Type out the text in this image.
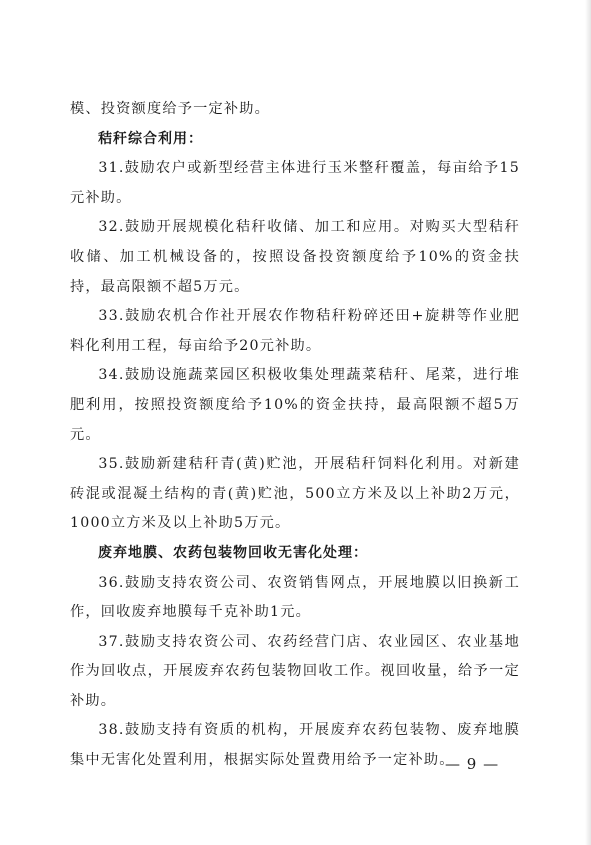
模、投资额度给予一定补助。

秸秆综合利用：

31.鼓励农户或新型经营主体进行玉米整秆覆盖，每亩给予15元补助。

32.鼓励开展规模化秸秆收储、加工和应用。对购买大型秸秆收储、加工机械设备的，按照设备投资额度给予10%的资金扶持，最高限额不超5万元。

33.鼓励农机合作社开展农作物秸秆粉碎还田+旋耕等作业肥料化利用工程，每亩给予20元补助。

34.鼓励设施蔬菜园区积极收集处理蔬菜秸秆、尾菜，进行堆肥利用，按照投资额度给予10%的资金扶持，最高限额不超5万元。

35.鼓励新建秸秆青(黄)贮池，开展秸秆饲料化利用。对新建砖混或混凝土结构的青(黄)贮池，500立方米及以上补助2万元，1000立方米及以上补助5万元。

废弃地膜、农药包装物回收无害化处理：

36.鼓励支持农资公司、农资销售网点，开展地膜以旧换新工作，回收废弃地膜每千克补助1元。

37.鼓励支持农资公司、农药经营门店、农业园区、农业基地作为回收点，开展废弃农药包装物回收工作。视回收量，给予一定补助。

38.鼓励支持有资质的机构，开展废弃农药包装物、废弃地膜集中无害化处置利用，根据实际处置费用给予一定补助。

— 9 —
